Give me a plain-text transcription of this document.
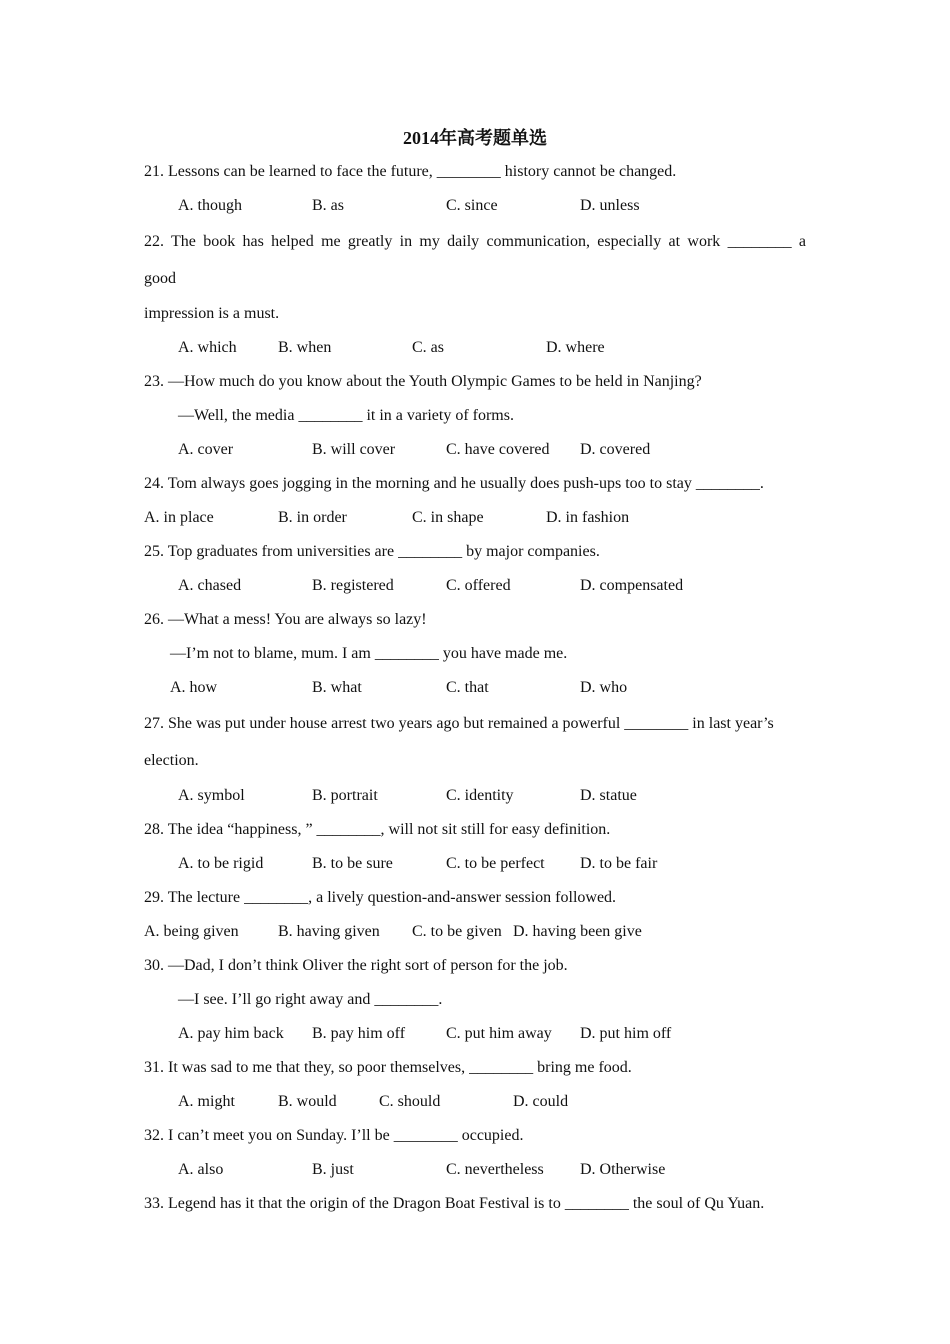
2014年高考题单选

21. Lessons can be learned to face the future, ________ history cannot be changed.

A. though	B. as	C. since	D. unless

22. The book has helped me greatly in my daily communication, especially at work ________ a

good

impression is a must.

A. which	B. when	C. as	D. where

23. —How much do you know about the Youth Olympic Games to be held in Nanjing?

—Well, the media ________ it in a variety of forms.

A. cover	B. will cover	C. have covered	D. covered

24. Tom always goes jogging in the morning and he usually does push-ups too to stay ________.

A. in place	B. in order	C. in shape	D. in fashion

25. Top graduates from universities are ________ by major companies.

A. chased	B. registered	C. offered	D. compensated

26. —What a mess! You are always so lazy!

—I’m not to blame, mum. I am ________ you have made me.

A. how	B. what	C. that	D. who

27. She was put under house arrest two years ago but remained a powerful ________ in last year’s

election.

A. symbol	B. portrait	C. identity	D. statue

28. The idea “happiness, ” ________, will not sit still for easy definition.

A. to be rigid	B. to be sure	C. to be perfect	D. to be fair

29. The lecture ________, a lively question-and-answer session followed.

A. being given	B. having given	C. to be given D. having been give

30. —Dad, I don’t think Oliver the right sort of person for the job.

—I see. I’ll go right away and ________.

A. pay him back	B. pay him off	C. put him away	D. put him off

31. It was sad to me that they, so poor themselves, ________ bring me food.

A. might	B. would	C. should	D. could

32. I can’t meet you on Sunday. I’ll be ________ occupied.

A. also	B. just	C. nevertheless	D. Otherwise

33. Legend has it that the origin of the Dragon Boat Festival is to ________ the soul of Qu Yuan.
